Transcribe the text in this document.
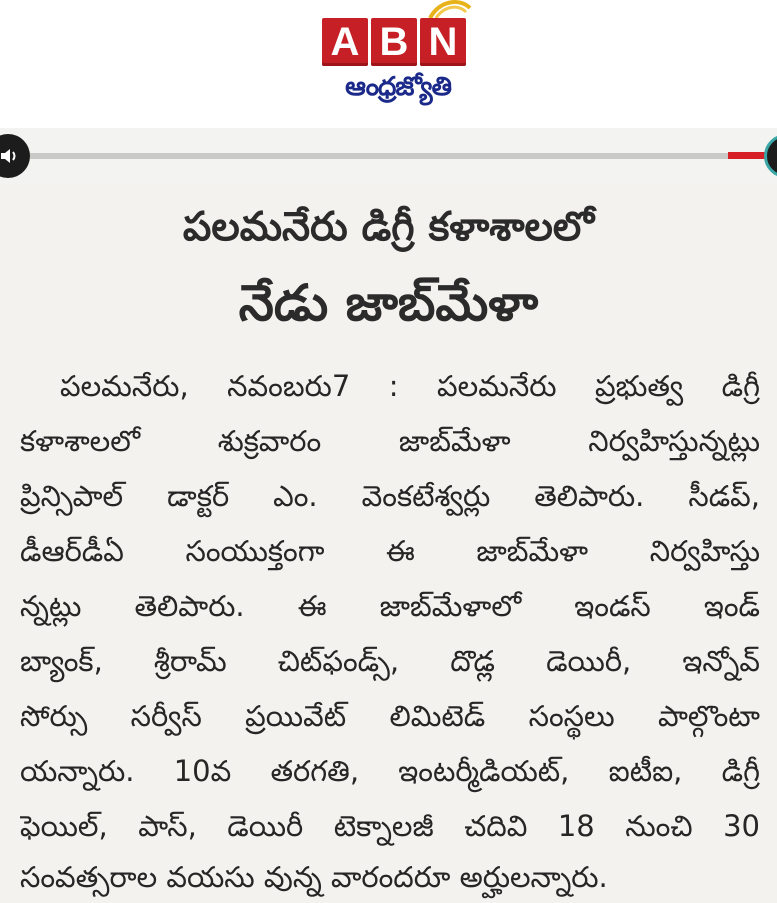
A B N
ఆంధ్రజ్యోతి
పలమనేరు డిగ్రీ కళాశాలలో
నేడు జాబ్‌మేళా
పలమనేరు, నవంబరు7 : పలమనేరు ప్రభుత్వ డిగ్రీ
కళాశాలలో శుక్రవారం జాబ్‌మేళా నిర్వహిస్తున్నట్లు
ప్రిన్సిపాల్ డాక్టర్ ఎం. వెంకటేశ్వర్లు తెలిపారు. సీడప్,
డీఆర్‌డీఏ సంయుక్తంగా ఈ జాబ్‌మేళా నిర్వహిస్తు
న్నట్లు తెలిపారు. ఈ జాబ్‌మేళాలో ఇండస్ ఇండ్
బ్యాంక్, శ్రీరామ్ చిట్‌ఫండ్స్, దొడ్ల డెయిరీ, ఇన్నోవ్
సోర్సు సర్వీస్ ప్రయివేట్ లిమిటెడ్ సంస్థలు పాల్గొంటా
యన్నారు. 10వ తరగతి, ఇంటర్మీడియట్, ఐటీఐ, డిగ్రీ
ఫెయిల్, పాస్, డెయిరీ టెక్నాలజీ చదివి 18 నుంచి 30
సంవత్సరాల వయసు వున్న వారందరూ అర్హులన్నారు.
